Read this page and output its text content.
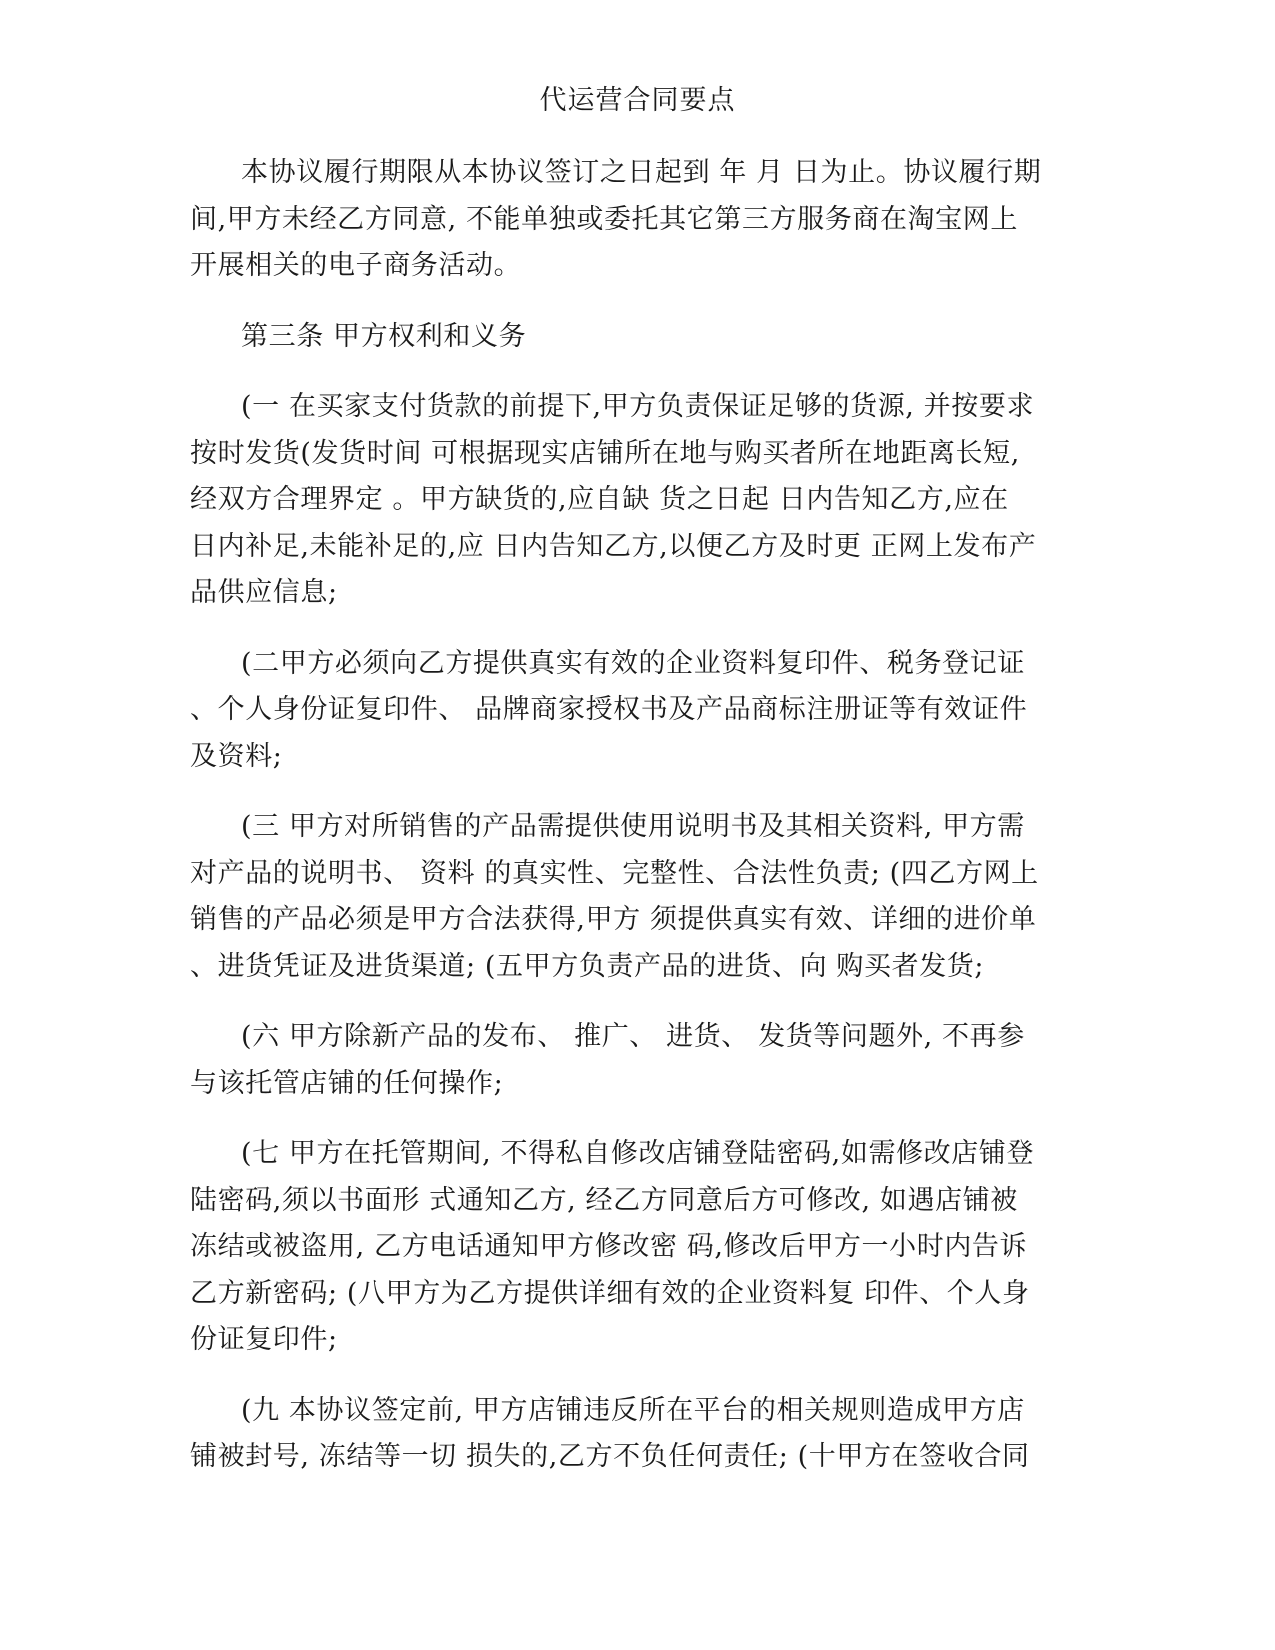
代运营合同要点
本协议履行期限从本协议签订之日起到 年 月 日为止。协议履行期
间,甲方未经乙方同意, 不能单独或委托其它第三方服务商在淘宝网上
开展相关的电子商务活动。
第三条 甲方权利和义务
(一 在买家支付货款的前提下,甲方负责保证足够的货源, 并按要求
按时发货(发货时间 可根据现实店铺所在地与购买者所在地距离长短,
经双方合理界定 。甲方缺货的,应自缺 货之日起 日内告知乙方,应在
日内补足,未能补足的,应 日内告知乙方,以便乙方及时更 正网上发布产
品供应信息;
(二甲方必须向乙方提供真实有效的企业资料复印件、税务登记证
、个人身份证复印件、 品牌商家授权书及产品商标注册证等有效证件
及资料;
(三 甲方对所销售的产品需提供使用说明书及其相关资料, 甲方需
对产品的说明书、 资料 的真实性、完整性、合法性负责; (四乙方网上
销售的产品必须是甲方合法获得,甲方 须提供真实有效、详细的进价单
、进货凭证及进货渠道; (五甲方负责产品的进货、向 购买者发货;
(六 甲方除新产品的发布、 推广、 进货、 发货等问题外, 不再参
与该托管店铺的任何操作;
(七 甲方在托管期间, 不得私自修改店铺登陆密码,如需修改店铺登
陆密码,须以书面形 式通知乙方, 经乙方同意后方可修改, 如遇店铺被
冻结或被盗用, 乙方电话通知甲方修改密 码,修改后甲方一小时内告诉
乙方新密码; (八甲方为乙方提供详细有效的企业资料复 印件、个人身
份证复印件;
(九 本协议签定前, 甲方店铺违反所在平台的相关规则造成甲方店
铺被封号, 冻结等一切 损失的,乙方不负任何责任; (十甲方在签收合同
